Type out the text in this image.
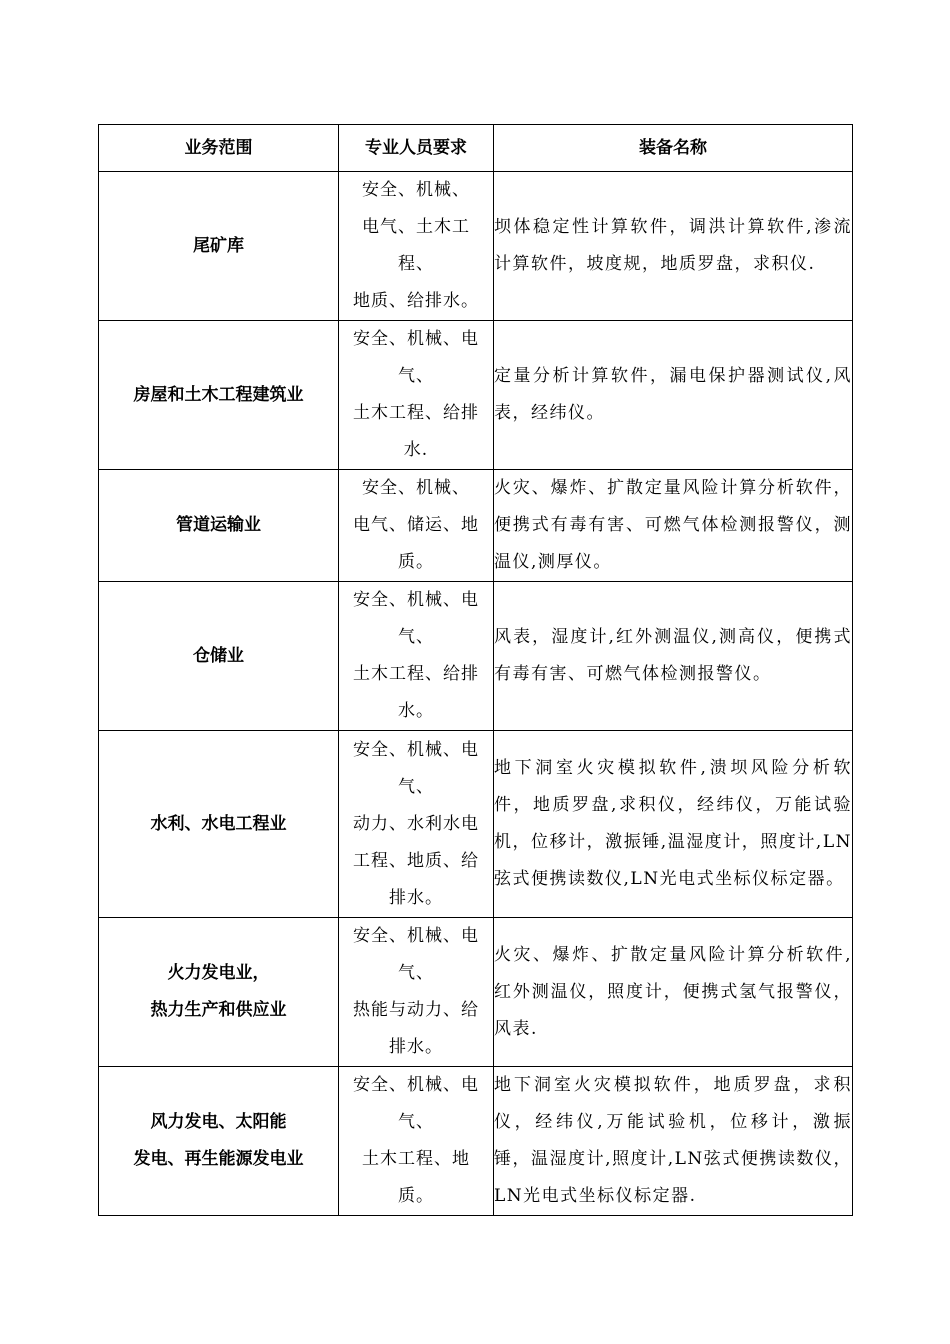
业务范围	专业人员要求	装备名称

尾矿库	安全、机械、
电气、土木工
程、
地质、给排水。	坝体稳定性计算软件，调洪计算软件,渗流计算软件，坡度规，地质罗盘，求积仪.

房屋和土木工程建筑业	安全、机械、电
气、
土木工程、给排
水.	定量分析计算软件，漏电保护器测试仪,风表，经纬仪。

管道运输业	安全、机械、
电气、储运、地
质。	火灾、爆炸、扩散定量风险计算分析软件，便携式有毒有害、可燃气体检测报警仪，测温仪,测厚仪。

仓储业	安全、机械、电
气、
土木工程、给排
水。	风表，湿度计,红外测温仪,测高仪，便携式有毒有害、可燃气体检测报警仪。

水利、水电工程业	安全、机械、电
气、
动力、水利水电
工程、地质、给
排水。	地下洞室火灾模拟软件,溃坝风险分析软件，地质罗盘,求积仪，经纬仪，万能试验机，位移计，激振锤,温湿度计，照度计,LN弦式便携读数仪,LN光电式坐标仪标定器。

火力发电业，
热力生产和供应业	安全、机械、电
气、
热能与动力、给
排水。	火灾、爆炸、扩散定量风险计算分析软件,红外测温仪，照度计，便携式氢气报警仪，风表.

风力发电、太阳能
发电、再生能源发电业	安全、机械、电
气、
土木工程、地
质。	地下洞室火灾模拟软件，地质罗盘，求积仪，经纬仪,万能试验机，位移计，激振锤，温湿度计,照度计,LN弦式便携读数仪，LN光电式坐标仪标定器.
